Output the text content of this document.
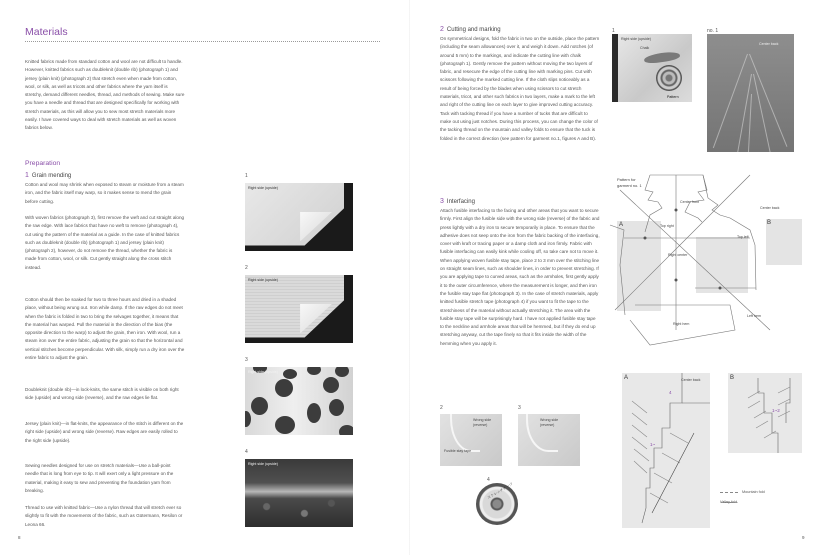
Materials

Knitted fabrics made from standard cotton and wool are not difficult to handle. However, knitted fabrics such as doubleknit (double rib) (photograph 1) and jersey (plain knit) (photograph 2) that stretch even when made from cotton, wool, or silk, as well as tricots and other fabrics where the yarn itself is stretchy, demand different needles, thread, and methods of sewing. Make sure you have a needle and thread that are designed specifically for working with stretch materials, as this will allow you to sew most stretch materials more easily. I have covered ways to deal with stretch materials as well as woven fabrics below.

Preparation
1 Grain mending

Cotton and wool may shrink when exposed to steam or moisture from a steam iron, and the fabric itself may warp, so it makes sense to mend the grain before cutting.

With woven fabrics (photograph 3), first remove the weft and cut straight along the raw edge. With lace fabrics that have no weft to remove (photograph 4), cut using the pattern of the material as a guide. In the case of knitted fabrics such as doubleknit (double rib) (photograph 1) and jersey (plain knit) (photograph 2), however, do not remove the thread, whether the fabric is made from cotton, wool, or silk. Cut gently straight along the cross stitch instead.

Cotton should then be soaked for two to three hours and dried in a shaded place, without being wrung out. Iron while damp. If the raw edges do not meet when the fabric is folded in two to bring the selvages together, it means that the material has warped. Pull the material in the direction of the bias (the opposite direction to the warp) to adjust the grain, then iron. With wool, run a steam iron over the entire fabric, adjusting the grain so that the horizontal and vertical stitches become perpendicular. With silk, simply run a dry iron over the entire fabric to adjust the grain.

Doubleknit (double rib)—in lock-knits, the same stitch is visible on both right side (upside) and wrong side (reverse), and the raw edges lie flat.

Jersey (plain knit)—in flat-knits, the appearance of the stitch is different on the right side (upside) and wrong side (reverse). Raw edges are easily rolled to the right side (upside).

Sewing needles designed for use on stretch materials—Use a ball-point needle that is long from eye to tip. It will exert only a light pressure on the material, making it easy to sew and preventing the foundation yarn from breaking.

Thread to use with knitted fabric—Use a nylon thread that will stretch ever so slightly to fit with the movements of the fabric, such as Gütermann, Resilon or Leona 66.

1
Right side (upside)
2
Right side (upside)
3
Right side (upside)
4
Right side (upside)
8
2 Cutting and marking

On symmetrical designs, fold the fabric in two on the outside, place the pattern (including the seam allowances) over it, and weigh it down. Add notches (of around 5 mm) to the markings, and indicate the cutting line with chalk (photograph 1). Gently remove the pattern without moving the two layers of fabric, and resecure the edge of the cutting line with marking pins. Cut with scissors following the marked cutting line. If the cloth slips noticeably as a result of being forced by the blades when using scissors to cut stretch materials, tricot, and other such fabrics in two layers, make a mark to the left and right of the cutting line on each layer to give improved cutting accuracy. Tack with tacking thread if you have a number of tucks that are difficult to make out using just notches. During this process, you can change the color of the tacking thread on the mountain and valley folds to ensure that the tuck is folded in the correct direction (see pattern for garment no.1, figures A and B).

3 Interfacing

Attach fusible interfacing to the facing and other areas that you want to secure firmly. First align the fusible side with the wrong side (reverse) of the fabric and press lightly with a dry iron to secure temporarily in place. To ensure that the adhesive does not seep onto the iron from the fabric backing of the interfacing, cover with kraft or tracing paper or a damp cloth and iron firmly. Fabric with fusible interfacing can easily kink while cooling off, so take care not to move it. When applying woven fusible stay tape, place 2 to 3 mm over the stitching line on straight seam lines, such as shoulder lines, in order to prevent stretching. If you are applying tape to curved areas, such as the armholes, first gently apply it to the outer circumference, where the measurement is longer, and then iron the fusible stay tape flat (photograph 3). In the case of stretch materials, apply knitted fusible stretch tape (photograph 4) if you want to fit the tape to the stretchiness of the material without actually stretching it. The area with the fusible stay tape will be surprisingly hard. I have not applied fusible stay tape to the neckline and armhole areas that will be hemmed, but if they do end up stretching anyway, cut the tape finely so that it fits inside the width of the hemming when you apply it.

2
Wrong side
(reverse)
Fusible stay tape
3
Wrong side
(reverse)
4
ストレッチテープ
1
Right side (upside)
Chalk
Pattern
no. 1
Center back
Pattern for
garment no. 1
A	B
Top right
Top left
Right center
Center front
Left hem
Right hem
Center back
A	Center back
4
1~
B
1~2
Mountain fold
9
